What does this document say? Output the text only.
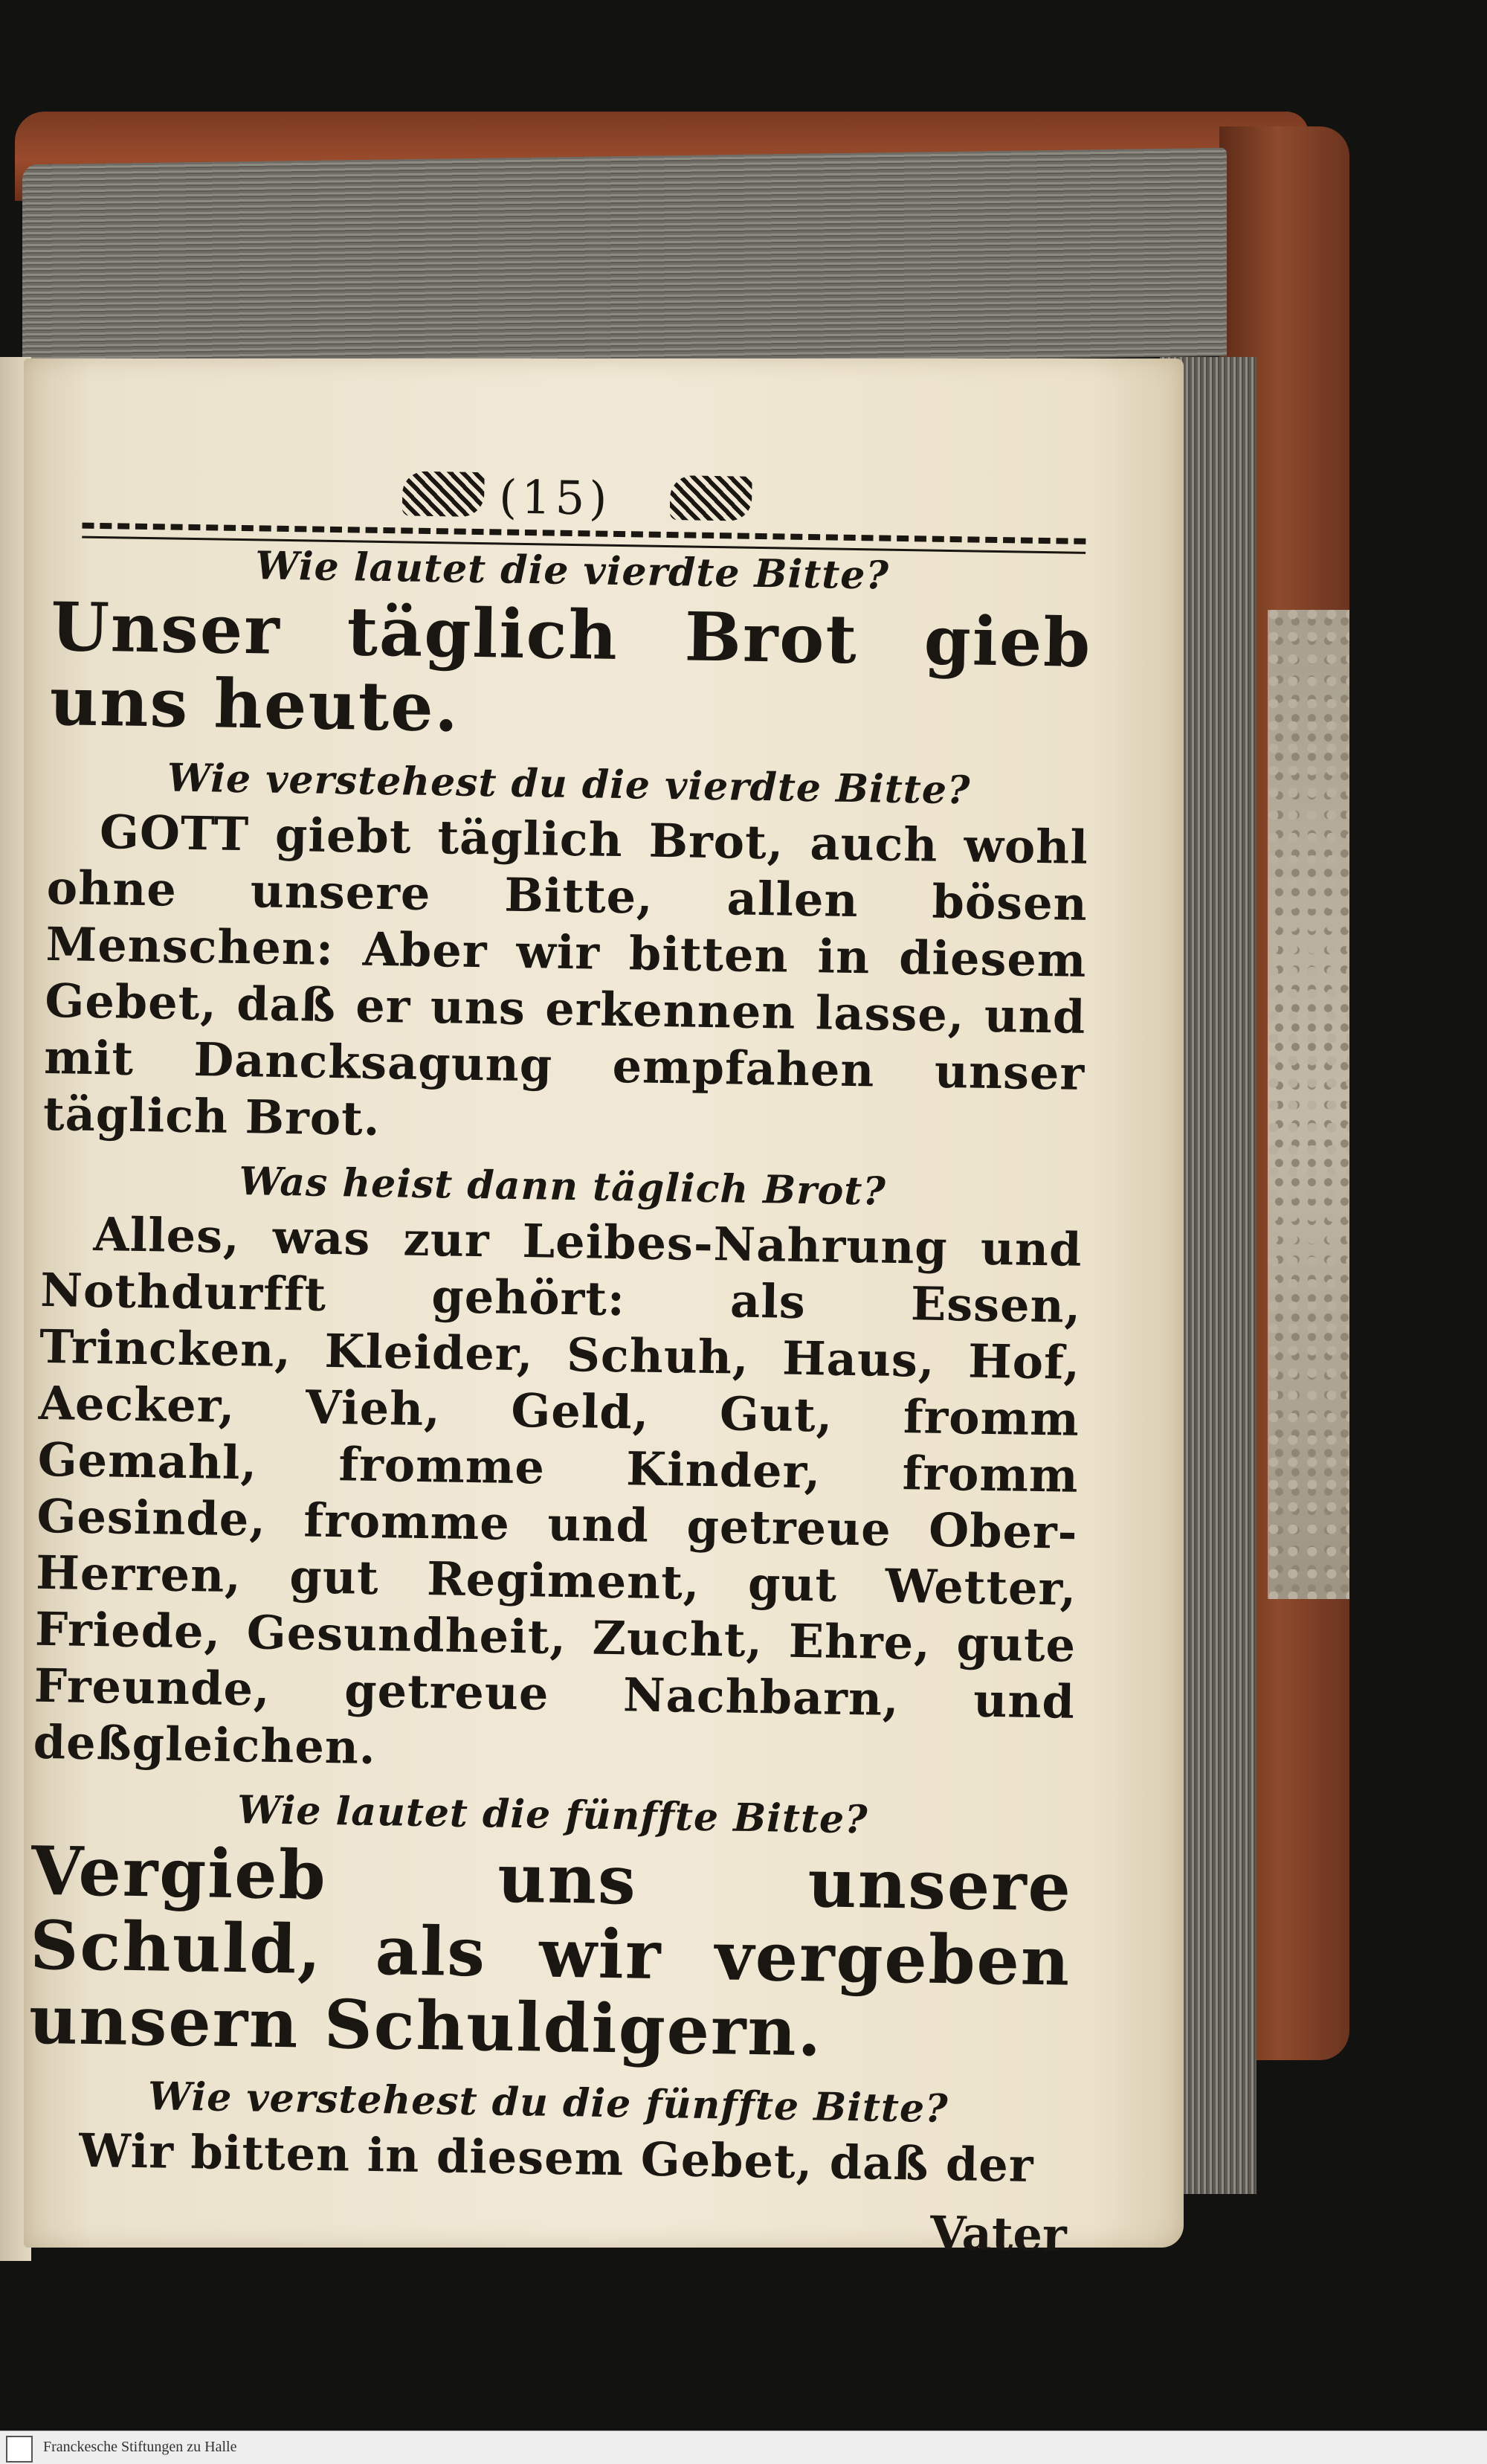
(15)
Wie lautet die vierdte Bitte?
Unser täglich Brot gieb uns heute.
Wie verstehest du die vierdte Bitte?
GOTT giebt täglich Brot, auch wohl ohne unsere Bitte, allen bösen Menschen: Aber wir bitten in diesem Gebet, daß er uns erkennen lasse, und mit Dancksagung empfahen unser täglich Brot.
Was heist dann täglich Brot?
Alles, was zur Leibes-Nahrung und Nothdurfft gehört: als Essen, Trincken, Kleider, Schuh, Haus, Hof, Aecker, Vieh, Geld, Gut, fromm Gemahl, fromme Kinder, fromm Gesinde, fromme und getreue Ober-Herren, gut Regiment, gut Wetter, Friede, Gesundheit, Zucht, Ehre, gute Freunde, getreue Nachbarn, und deßgleichen.
Wie lautet die fünffte Bitte?
Vergieb uns unsere Schuld, als wir vergeben unsern Schuldigern.
Wie verstehest du die fünffte Bitte?
Wir bitten in diesem Gebet, daß der
Vater
Franckesche Stiftungen zu Halle
